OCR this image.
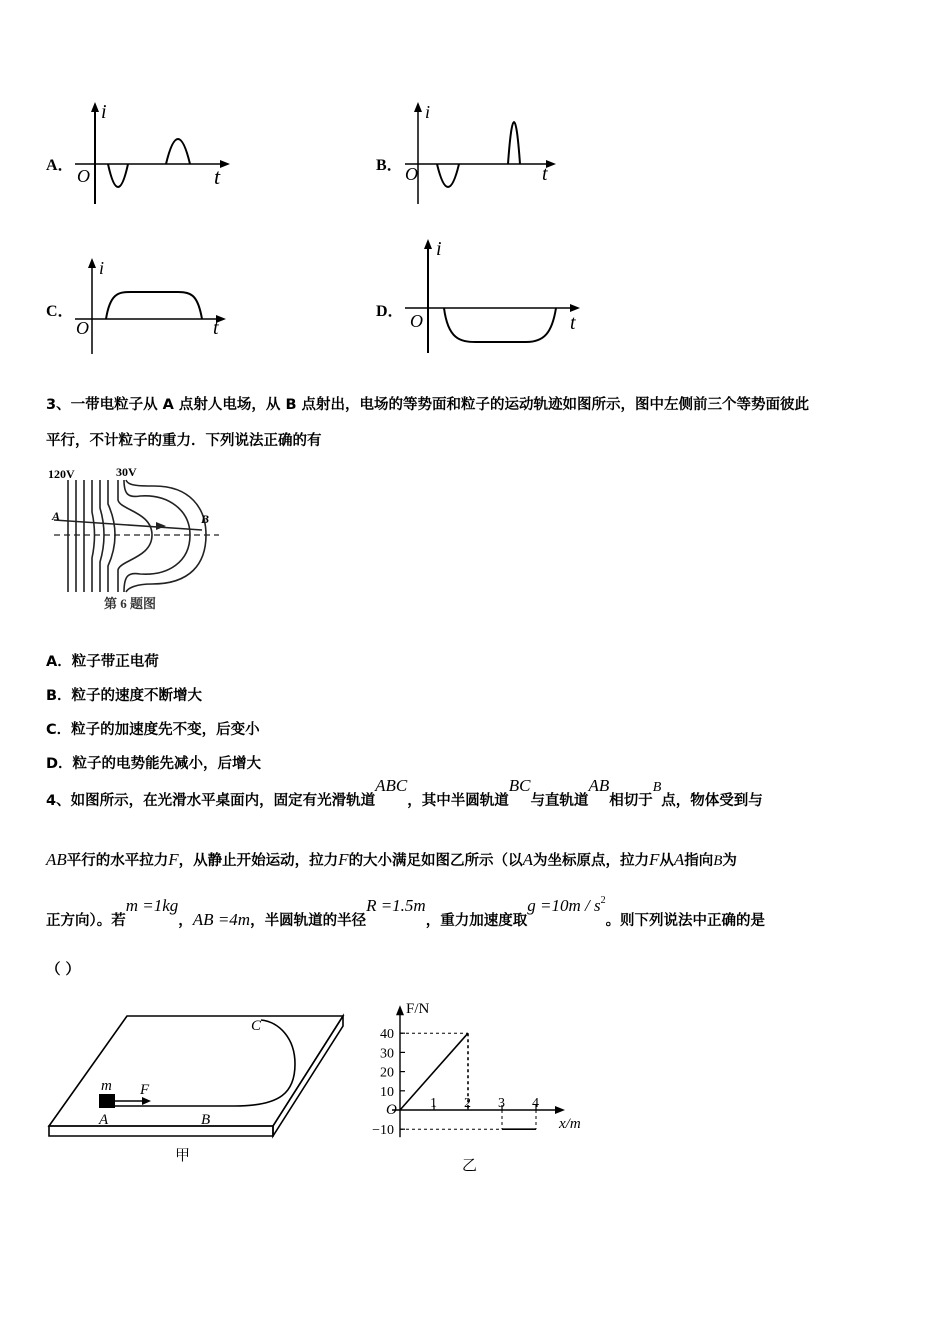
A．
i
O	t	B．
i
O	t
C．
i
O	t
D．
i
O	t
3、一带电粒子从 A 点射人电场，从 B 点射出，电场的等势面和粒子的运动轨迹如图所示，图中左侧前三个等势面彼此
平行，不计粒子的重力．下列说法正确的有
120V	30V
A	B
第 6 题图
A．粒子带正电荷
B．粒子的速度不断增大
C．粒子的加速度先不变，后变小
D．粒子的电势能先减小，后增大
4、如图所示，在光滑水平桌面内，固定有光滑轨道ABC，其中半圆轨道BC与直轨道AB相切于B点，物体受到与
AB平行的水平拉力F，从静止开始运动，拉力F的大小满足如图乙所示（以A为坐标原点，拉力F从A指向B为
正方向）。若m =1kg，AB =4m，半圆轨道的半径R =1.5m，重力加速度取$g =10m / s^2$。则下列说法中正确的是
（ ）
m F
A	B
C
甲
F/N
x/m
O
40
30
20
10
−10
1 2 3 4
乙
